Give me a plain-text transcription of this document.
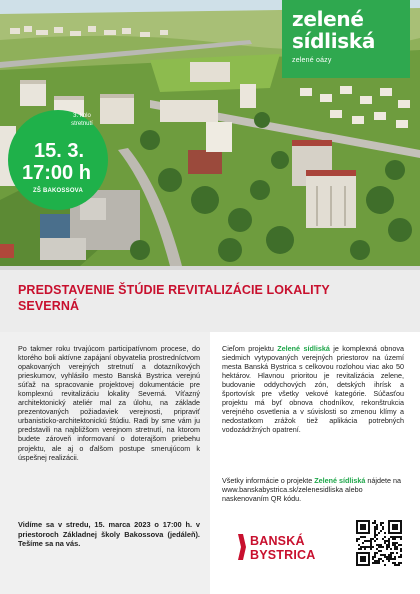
zelené
sídliská
zelené oázy
15. 3.
17:00 h
ZŠ BAKOSSOVA
3. kolo stretnutí
PREDSTAVENIE ŠTÚDIE REVITALIZÁCIE LOKALITY SEVERNÁ

Po takmer roku trvajúcom participatívnom procese, do ktorého boli aktívne zapájaní obyvatelia prostredníctvom opakovaných verejných stretnutí a dotazníkových prieskumov, vyhlásilo mesto Banská Bystrica verejnú súťaž na spracovanie projektovej dokumentácie pre komplexnú revitalizáciu lokality Severná. Víťazný architektonický ateliér mal za úlohu, na základe prezentovaných požiadaviek verejnosti, pripraviť urbanisticko-architektonickú štúdiu. Radi by sme vám ju predstavili na najbližšom verejnom stretnutí, na ktorom budete zároveň informovaní o doterajšom priebehu projektu, ale aj o ďalšom postupe smerujúcom k úspešnej realizácii.

Vidíme sa v stredu, 15. marca 2023 o 17:00 h. v priestoroch Základnej školy Bakossova (jedáleň). Tešíme sa na vás.

Cieľom projektu Zelené sídliská je komplexná obnova siedmich vytypovaných verejných priestorov na území mesta Banská Bystrica s celkovou rozlohou viac ako 50 hektárov. Hlavnou prioritou je revitalizácia zelene, budovanie oddychových zón, detských ihrísk a športovísk pre všetky vekové kategórie. Súčasťou projektu má byť obnova chodníkov, rekonštrukcia verejného osvetlenia a v súvislosti so zmenou klímy a nedostatkom zrážok tiež aplikácia potrebných vodozádržných opatrení.

Všetky informácie o projekte Zelené sídliská nájdete na www.banskabystrica.sk/zelenesidliska alebo naskenovaním QR kódu.

BANSKÁ
BYSTRICA
